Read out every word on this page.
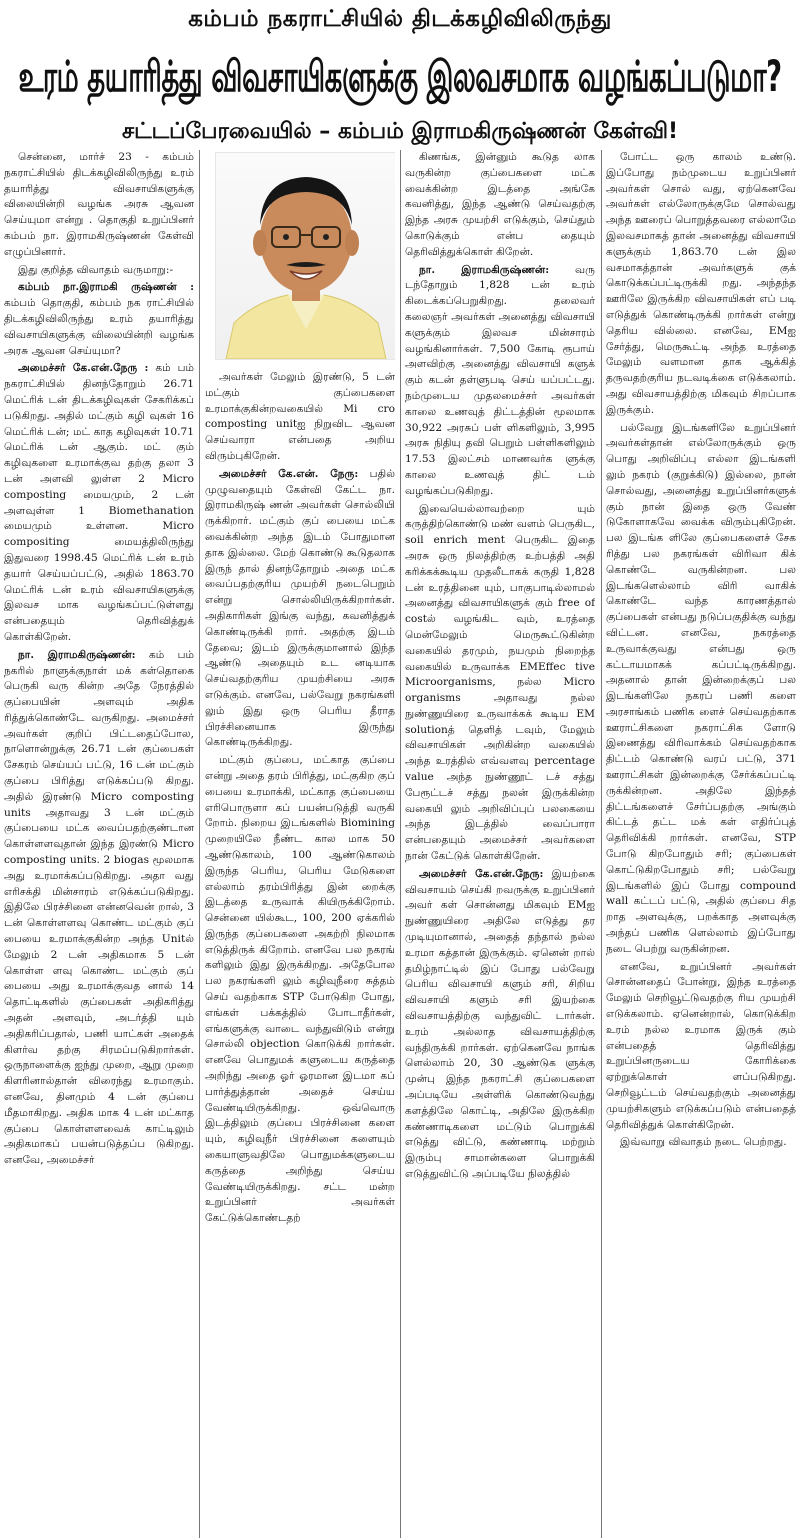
கம்பம் நகராட்சியில் திடக்கழிவிலிருந்து
உரம் தயாரித்து விவசாயிகளுக்கு இலவசமாக வழங்கப்படுமா?
சட்டப்பேரவையில் – கம்பம் இராமகிருஷ்ணன் கேள்வி!

சென்னை, மார்ச் 23 - கம்பம் நகராட்சியில் திடக்கழிவிலிருந்து உரம் தயாரித்து விவசாயிகளுக்கு விலையின்றி வழங்க அரசு ஆவன செய்யுமா என்று . தொகுதி உறுப்பினர் கம்பம் நா. இராமகிருஷ்ணன் கேள்வி எழுப்பினார்.

இது குறித்த விவாதம் வருமாறு:-

கம்பம் நா.இராமகி ருஷ்ணன் : கம்பம் தொகுதி, கம்பம் நக ராட்சியில் திடக்கழிவிலிருந்து உரம் தயாரித்து விவசாயிகளுக்கு விலையின்றி வழங்க அரசு ஆவன செய்யுமா?

அமைச்சர் கே.என்.நேரு : கம் பம் நகராட்சியில் தினந்தோறும் 26.71 மெட்ரிக் டன் திடக்கழிவுகள் சேகரிக்கப் படுகிறது. அதில் மட்கும் கழி வுகள் 16 மெட்ரிக் டன்; மட் காத கழிவுகள் 10.71 மெட்ரிக் டன் ஆகும். மட் கும் கழிவுகளை உரமாக்குவ தற்கு தலா 3 டன் அளவி லுள்ள 2 Micro composting மையமும், 2 டன் அளவுள்ள 1 Biomethanation மையமும் உள்ளன. Micro compositing மையத்திலிருந்து இதுவரை 1998.45 மெட்ரிக் டன் உரம் தயார் செய்யப்பட்டு, அதில் 1863.70 மெட்ரிக் டன் உரம் விவசாயிகளுக்கு இலவச மாக வழங்கப்பட்டுள்ளது என்பதையும் தெரிவித்துக் கொள்கிறேன்.

நா. இராமகிருஷ்ணன்: கம் பம் நகரில் நாளுக்குநாள் மக் கள்தொகை பெருகி வரு கின்ற அதே நேரத்தில் குப்பையின் அளவும் அதிக ரித்துக்கொண்டே வருகிறது. அமைச்சர் அவர்கள் குறிப் பிட்டதைப்போல, நாளொன்றுக்கு 26.71 டன் குப்பைகள் சேகரம் செய்யப் பட்டு, 16 டன் மட்கும் குப்பை பிரித்து எடுக்கப்படு கிறது. அதில் இரண்டு Micro composting units அதாவது 3 டன் மட்கும் குப்பையை மட்க வைப்பதற்குண்டான கொள்ளளவுதான் இந்த இரண்டு Micro composting units. 2 biogas மூலமாக அது உரமாக்கப்படுகிறது. அதா வது எரிசக்தி மின்சாரம் எடுக்கப்படுகிறது. இதிலே பிரச்சினை என்னவென் றால், 3 டன் கொள்ளளவு கொண்ட மட்கும் குப் பையை உரமாக்குகின்ற அந்த Unitல் மேலும் 2 டன் அதிகமாக 5 டன் கொள்ள ளவு கொண்ட மட்கும் குப் பையை அது உரமாக்குவத னால் 14 தொட்டிகளில் குப்பைகள் அதிகரித்து அதன் அளவும், அடர்த்தி யும் அதிகரிப்பதால், பணி யாட்கள் அதைக் கிளர்வ தற்கு சிரமப்படுகிறார்கள். ஒருநாளைக்கு ஐந்து முறை, ஆறு முறை கிளரினால்தான் விரைந்து உரமாகும். எனவே, தினமும் 4 டன் குப்பை மீதமாகிறது. அதிக மாக 4 டன் மட்காத குப்பை கொள்ளளவைக் காட்டிலும் அதிகமாகப் பயன்படுத்தப்ப டுகிறது. எனவே, அமைச்சர்

அவர்கள் மேலும் இரண்டு, 5 டன் மட்கும் குப்பைகளை உரமாக்குகின்றவகையில் Mi cro composting unitஐ நிறுவிட ஆவன செய்வாரா என்பதை அறிய விரும்புகிறேன்.

அமைச்சர் கே.என். நேரு: பதில் முழுவதையும் கேள்வி கேட்ட நா. இராமகிருஷ் ணன் அவர்கள் சொல்லியி ருக்கிறார். மட்கும் குப் பையை மட்க வைக்கின்ற அந்த இடம் போதுமான தாக இல்லை. மேற் கொண்டு கூடுதலாக இருந் தால் தினந்தோறும் அதை மட்க வைப்பதற்குரிய முயற்சி நடைபெறும் என்று சொல்லியிருக்கிறார்கள். அதிகாரிகள் இங்கு வந்து, கவனித்துக் கொண்டிருக்கி றார். அதற்கு இடம் தேவை; இடம் இருக்குமானால் இந்த ஆண்டு அதையும் உட னடியாக செய்வதற்குரிய முயற்சியை அரசு எடுக்கும். எனவே, பல்வேறு நகரங்களி லும் இது ஒரு பெரிய தீராத பிரச்சினையாக இருந்து கொண்டிருக்கிறது.

மட்கும் குப்பை, மட்காத குப்பை என்று அதை தரம் பிரித்து, மட்குகிற குப் பையை உரமாக்கி, மட்காத குப்பையை எரிபொருளா கப் பயன்படுத்தி வருகி றோம். நிறைய இடங்களில் Biomining முறையிலே நீண்ட கால மாக 50 ஆண்டுகாலம், 100 ஆண்டுகாலம் இருந்த பெரிய, பெரிய மேடுகளை எல்லாம் தரம்பிரித்து இன் றைக்கு இடத்தை உருவாக் கியிருக்கிறோம். சென்னை யில்கூட, 100, 200 ஏக்கரில் இருந்த குப்பைகளை அகற்றி நிலமாக எடுத்திருக் கிறோம். எனவே பல நகரங் களிலும் இது இருக்கிறது. அதேபோல பல நகரங்களி லும் கழிவுநீரை சுத்தம் செய் வதற்காக STP போடுகிற போது, எங்கள் பக்கத்தில் போடாதீர்கள், எங்களுக்கு வாடை வந்துவிடும் என்று சொல்லி objection கொடுக்கி றார்கள். எனவே பொதுமக் களுடைய கருத்தை அறிந்து அதை ஓர் ஓரமான இடமா கப் பார்த்துத்தான் அதைச் செய்ய வேண்டியிருக்கிறது. ஒவ்வொரு இடத்திலும் குப்பை பிரச்சினை களை யும், கழிவுநீர் பிரச்சினை களையும் கையாளுவதிலே பொதுமக்களுடைய கருத்தை அறிந்து செய்ய வேண்டியிருக்கிறது. சட்ட மன்ற உறுப்பினர் அவர்கள் கேட்டுக்கொண்டதற்

கிணங்க, இன்னும் கூடுத லாக வருகின்ற குப்பைகளை மட்க வைக்கின்ற இடத்தை அங்கே கவனித்து, இந்த ஆண்டு செய்வதற்கு இந்த அரசு முயற்சி எடுக்கும், செய்தும் கொடுக்கும் என்ப தையும் தெரிவித்துக்கொள் கிறேன்.

நா. இராமகிருஷ்ணன்: வரு டந்தோறும் 1,828 டன் உரம் கிடைக்கப்பெறுகிறது. தலைவர் கலைஞர் அவர்கள் அனைத்து விவசாயி களுக்கும் இலவச மின்சாரம் வழங்கினார்கள். 7,500 கோடி ரூபாய் அளவிற்கு அனைத்து விவசாயி களுக் கும் கடன் தள்ளுபடி செய் யப்பட்டது. நம்முடைய முதலமைச்சர் அவர்கள் காலை உணவுத் திட்டத்தின் மூலமாக 30,922 அரசுப் பள் ளிகளிலும், 3,995 அரசு நிதியு தவி பெறும் பள்ளிகளிலும் 17.53 இலட்சம் மாணவர்க ளுக்கு காலை உணவுத் திட் டம் வழங்கப்படுகிறது.

இவையெல்லாவற்றை யும் கருத்திற்கொண்டு மண் வளம் பெருகிட, soil enrich ment பெருகிட இதை அரசு ஒரு நிலத்திற்கு உற்பத்தி அதி கரிக்கக்கூடிய முதலீடாகக் கருதி 1,828 டன் உரத்தினை யும், பாகுபாடில்லாமல் அனைத்து விவசாயிகளுக் கும் free of costல் வழங்கிட வும், உரத்தை மென்மேலும் மெருகூட்டுகின்ற வகையில் தரமும், நயமும் நிறைந்த வகையில் உருவாக்க EMEffec tive Microorganisms, நல்ல Micro organisms அதாவது நல்ல நுண்ணுயிரை உருவாக்கக் கூடிய EM solutionத் தெளித் டவும், மேலும் விவசாயிகள் அறிகின்ற வகையில் அந்த உரத்தில் எவ்வளவு percentage value அந்த நுண்ணூட் டச் சத்து பேரூட்டச் சத்து நலன் இருக்கின்ற வகையி லும் அறிவிப்புப் பலகையை அந்த இடத்தில் வைப்பாரா என்பதையும் அமைச்சர் அவர்களை நான் கேட்டுக் கொள்கிறேன்.

அமைச்சர் கே.என்.நேரு: இயற்கை விவசாயம் செய்கி றவருக்கு உறுப்பினர் அவர் கள் சொன்னது மிகவும் EMஐ நுண்ணுயிரை அதிலே எடுத்து தர முடியுமானால், அதைத் தந்தால் நல்ல உரமா கத்தான் இருக்கும். ஏனென் றால் தமிழ்நாட்டில் இப் போது பல்வேறு பெரிய விவசாயி களும் சரி, சிறிய விவசாயி களும் சரி இயற்கை விவசாயத்திற்கு வந்துவிட் டார்கள். உரம் அல்லாத விவசாயத்திற்கு வந்திருக்கி றார்கள். ஏற்கெனவே நாங்க ளெல்லாம் 20, 30 ஆண்டுக ளுக்கு முன்பு இந்த நகராட்சி குப்பைகளை அப்படியே அள்ளிக் கொண்டுவந்து களத்திலே கொட்டி, அதிலே இருக்கிற கண்ணாடிகளை மட்டும் பொறுக்கி எடுத்து விட்டு, கண்ணாடி மற்றும் இரும்பு சாமான்களை பொறுக்கி எடுத்துவிட்டு அப்படியே நிலத்தில்

போட்ட ஒரு காலம் உண்டு. இப்போது நம்முடைய உறுப்பினர் அவர்கள் சொல் வது, ஏற்கெனவே அவர்கள் எல்லோருக்குமே சொல்வது அந்த ஊரைப் பொறுத்தவரை எல்லாமே இலவசமாகத் தான் அனைத்து விவசாயி களுக்கும் 1,863.70 டன் இல வசமாகத்தான் அவர்களுக் குக் கொடுக்கப்பட்டிருக்கி றது. அந்தந்த ஊரிலே இருக்கிற விவசாயிகள் எப் படி எடுத்துக் கொண்டிருக்கி றார்கள் என்று தெரிய வில்லை. எனவே, EMஐ சேர்த்து, மெருகூட்டி அந்த உரத்தை மேலும் வளமான தாக ஆக்கித் தருவதற்குரிய நடவடிக்கை எடுக்கலாம். அது விவசாயத்திற்கு மிகவும் சிறப்பாக இருக்கும்.

பல்வேறு இடங்களிலே உறுப்பினர் அவர்கள்தான் எல்லோருக்கும் ஒரு பொது அறிவிப்பு எல்லா இடங்களி லும் நகரம் (குறுக்கிடு) இல்லை, நான் சொல்வது, அனைத்து உறுப்பினர்களுக் கும் நான் இதை ஒரு வேண் டுகோளாகவே வைக்க விரும்புகிறேன். பல இடங்க ளிலே குப்பைகளைச் சேக ரித்து பல நகரங்கள் விரிவா கிக் கொண்டே வருகின்றன. பல இடங்களெல்லாம் விரி வாகிக் கொண்டே வந்த காரணத்தால் குப்பைகள் என்பது நடுப்பகுதிக்கு வந்து விட்டன. எனவே, நகரத்தை உருவாக்குவது என்பது ஒரு கட்டாயமாகக் கப்பட்டிருக்கிறது. அதனால் தான் இன்றைக்குப் பல இடங்களிலே நகரப் பணி களை அரசாங்கம் பணிக ளைச் செய்வதற்காக ஊராட்சிகளை நகராட்சிக ளோடு இணைத்து விரிவாக்கம் செய்வதற்காக திட்டம் கொண்டு வரப் பட்டு, 371 ஊராட்சிகள் இன்றைக்கு சேர்க்கப்பட்டி ருக்கின்றன. அதிலே இந்தத் திட்டங்களைச் சேர்ப்பதற்கு அங்கும் கிட்டத் தட்ட மக் கள் எதிர்ப்புத் தெரிவிக்கி றார்கள். எனவே, STP போடு கிறபோதும் சரி; குப்பைகள் கொட்டுகிறபோதும் சரி; பல்வேறு இடங்களில் இப் போது compound wall கட்டப் பட்டு, அதில் குப்பை சித றாத அளவுக்கு, பறக்காத அளவுக்கு அந்தப் பணிக ளெல்லாம் இப்போது நடை பெற்று வருகின்றன.

எனவே, உறுப்பினர் அவர்கள் சொன்னதைப் போன்று, இந்த உரத்தை மேலும் செறிவூட்டுவதற்கு ரிய முயற்சி எடுக்கலாம். ஏனென்றால், கொடுக்கிற உரம் நல்ல உரமாக இருக் கும் என்பதைத் தெரிவித்து உறுப்பினருடைய கோரிக்கை ஏற்றுக்கொள் ளப்படுகிறது. செறிவூட்டம் செய்வதற்கும் அனைத்து முயற்சிகளும் எடுக்கப்படும் என்பதைத் தெரிவித்துக் கொள்கிறேன்.

இவ்வாறு விவாதம் நடை பெற்றது.
